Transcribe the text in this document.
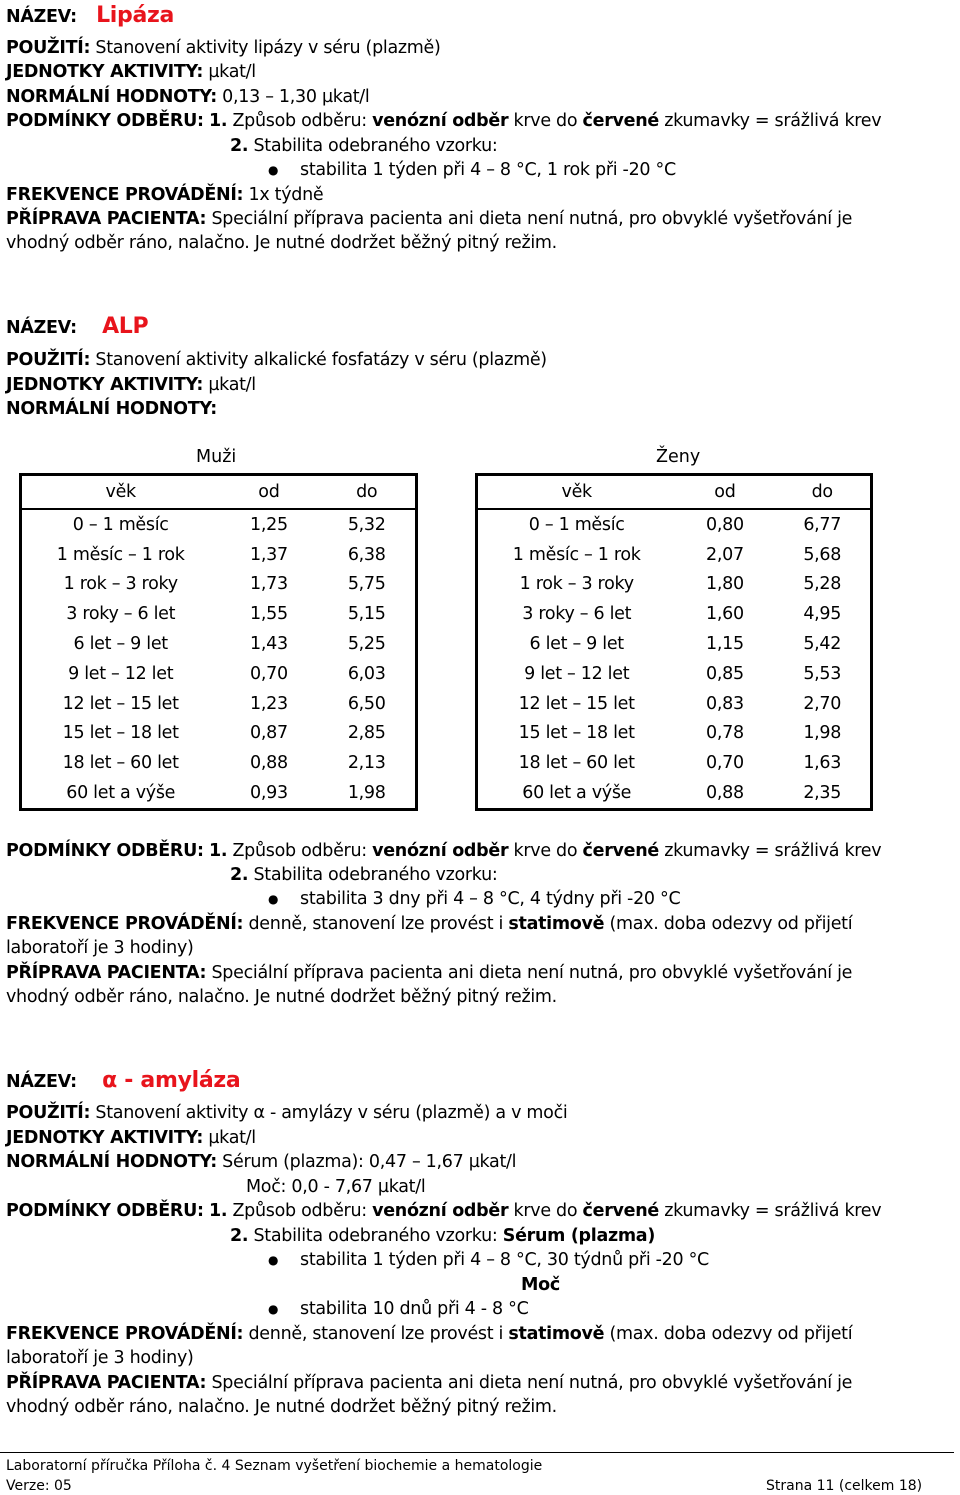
NÁZEV: Lipáza
POUŽITÍ: Stanovení aktivity lipázy v séru (plazmě)
JEDNOTKY AKTIVITY: µkat/l
NORMÁLNÍ HODNOTY: 0,13 – 1,30 µkat/l
PODMÍNKY ODBĚRU: 1. Způsob odběru: venózní odběr krve do červené zkumavky = srážlivá krev
2. Stabilita odebraného vzorku:
● stabilita 1 týden při 4 – 8 °C, 1 rok při -20 °C
FREKVENCE PROVÁDĚNÍ: 1x týdně
PŘÍPRAVA PACIENTA: Speciální příprava pacienta ani dieta není nutná, pro obvyklé vyšetřování je
vhodný odběr ráno, nalačno. Je nutné dodržet běžný pitný režim.
NÁZEV: ALP
POUŽITÍ: Stanovení aktivity alkalické fosfatázy v séru (plazmě)
JEDNOTKY AKTIVITY: µkat/l
NORMÁLNÍ HODNOTY:
Muži	Ženy
věk	od	do
0 – 1 měsíc	1,25	5,32
1 měsíc – 1 rok	1,37	6,38
1 rok – 3 roky	1,73	5,75
3 roky – 6 let	1,55	5,15
6 let – 9 let	1,43	5,25
9 let – 12 let	0,70	6,03
12 let – 15 let	1,23	6,50
15 let – 18 let	0,87	2,85
18 let – 60 let	0,88	2,13
60 let a výše	0,93	1,98
věk	od	do
0 – 1 měsíc	0,80	6,77
1 měsíc – 1 rok	2,07	5,68
1 rok – 3 roky	1,80	5,28
3 roky – 6 let	1,60	4,95
6 let – 9 let	1,15	5,42
9 let – 12 let	0,85	5,53
12 let – 15 let	0,83	2,70
15 let – 18 let	0,78	1,98
18 let – 60 let	0,70	1,63
60 let a výše	0,88	2,35
PODMÍNKY ODBĚRU: 1. Způsob odběru: venózní odběr krve do červené zkumavky = srážlivá krev
2. Stabilita odebraného vzorku:
● stabilita 3 dny při 4 – 8 °C, 4 týdny při -20 °C
FREKVENCE PROVÁDĚNÍ: denně, stanovení lze provést i statimově (max. doba odezvy od přijetí
laboratoří je 3 hodiny)
PŘÍPRAVA PACIENTA: Speciální příprava pacienta ani dieta není nutná, pro obvyklé vyšetřování je
vhodný odběr ráno, nalačno. Je nutné dodržet běžný pitný režim.
NÁZEV: α - amyláza
POUŽITÍ: Stanovení aktivity α - amylázy v séru (plazmě) a v moči
JEDNOTKY AKTIVITY: µkat/l
NORMÁLNÍ HODNOTY: Sérum (plazma): 0,47 – 1,67 µkat/l
Moč: 0,0 - 7,67 µkat/l
PODMÍNKY ODBĚRU: 1. Způsob odběru: venózní odběr krve do červené zkumavky = srážlivá krev
2. Stabilita odebraného vzorku: Sérum (plazma)
● stabilita 1 týden při 4 – 8 °C, 30 týdnů při -20 °C
Moč
● stabilita 10 dnů při 4 - 8 °C
FREKVENCE PROVÁDĚNÍ: denně, stanovení lze provést i statimově (max. doba odezvy od přijetí
laboratoří je 3 hodiny)
PŘÍPRAVA PACIENTA: Speciální příprava pacienta ani dieta není nutná, pro obvyklé vyšetřování je
vhodný odběr ráno, nalačno. Je nutné dodržet běžný pitný režim.
Laboratorní příručka Příloha č. 4 Seznam vyšetření biochemie a hematologie
Verze: 05	Strana 11 (celkem 18)
